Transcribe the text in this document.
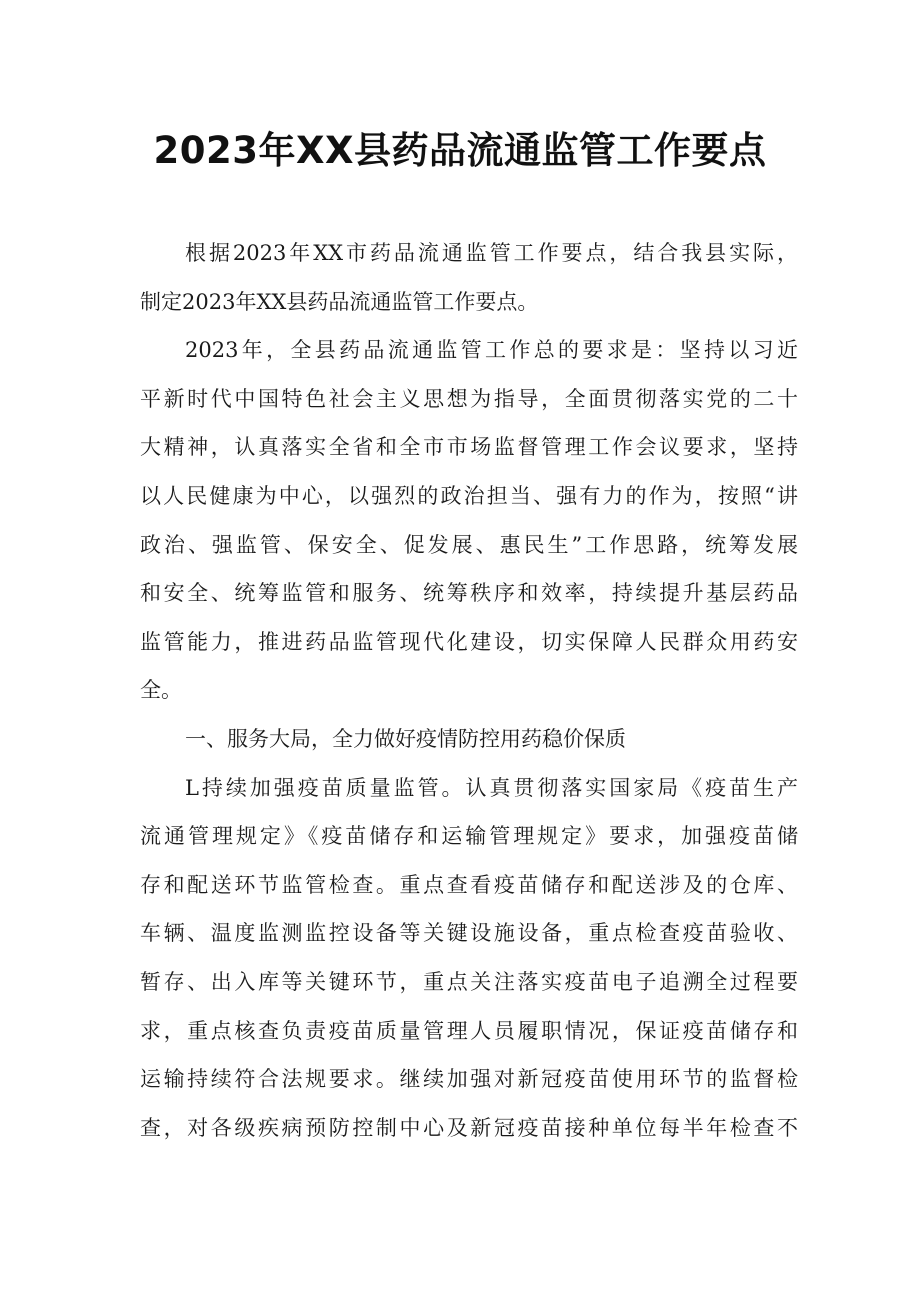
2023年XX县药品流通监管工作要点
根据2023年XX市药品流通监管工作要点，结合我县实际，
制定2023年XX县药品流通监管工作要点。
2023年，全县药品流通监管工作总的要求是：坚持以习近
平新时代中国特色社会主义思想为指导，全面贯彻落实党的二十
大精神，认真落实全省和全市市场监督管理工作会议要求，坚持
以人民健康为中心，以强烈的政治担当、强有力的作为，按照“讲
政治、强监管、保安全、促发展、惠民生”工作思路，统筹发展
和安全、统筹监管和服务、统筹秩序和效率，持续提升基层药品
监管能力，推进药品监管现代化建设，切实保障人民群众用药安
全。
一、服务大局，全力做好疫情防控用药稳价保质
L持续加强疫苗质量监管。认真贯彻落实国家局《疫苗生产
流通管理规定》《疫苗储存和运输管理规定》要求，加强疫苗储
存和配送环节监管检查。重点查看疫苗储存和配送涉及的仓库、
车辆、温度监测监控设备等关键设施设备，重点检查疫苗验收、
暂存、出入库等关键环节，重点关注落实疫苗电子追溯全过程要
求，重点核查负责疫苗质量管理人员履职情况，保证疫苗储存和
运输持续符合法规要求。继续加强对新冠疫苗使用环节的监督检
查，对各级疾病预防控制中心及新冠疫苗接种单位每半年检查不
